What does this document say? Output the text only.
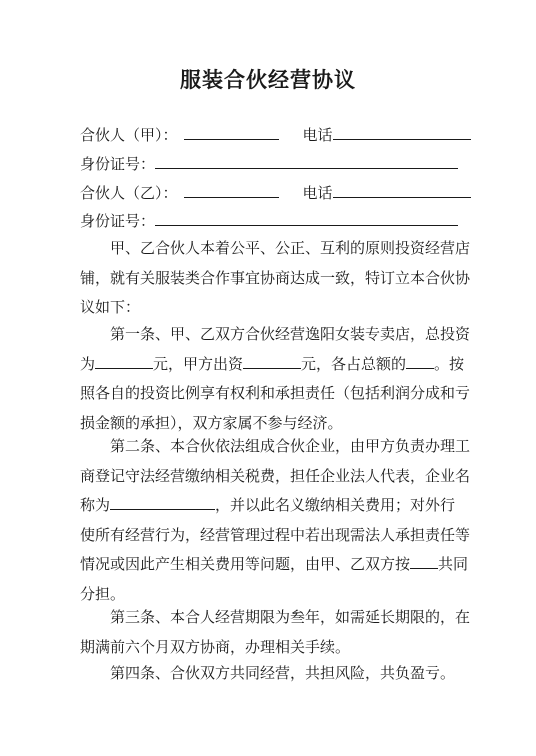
服装合伙经营协议
合伙人（甲）：	电话
身份证号：
合伙人（乙）：	电话
身份证号：
甲、乙合伙人本着公平、公正、互利的原则投资经营店
铺，就有关服装类合作事宜协商达成一致，特订立本合伙协
议如下：
第一条、甲、乙双方合伙经营逸阳女装专卖店，总投资
为	元，甲方出资	元，各占总额的 。按
照各自的投资比例享有权利和承担责任（包括利润分成和亏
损金额的承担），双方家属不参与经济。
第二条、本合伙依法组成合伙企业，由甲方负责办理工
商登记守法经营缴纳相关税费，担任企业法人代表，企业名
称为	，并以此名义缴纳相关费用；对外行
使所有经营行为，经营管理过程中若出现需法人承担责任等
情况或因此产生相关费用等问题，由甲、乙双方按 共同
分担。
第三条、本合人经营期限为叁年，如需延长期限的，在
期满前六个月双方协商，办理相关手续。
第四条、合伙双方共同经营，共担风险，共负盈亏。
